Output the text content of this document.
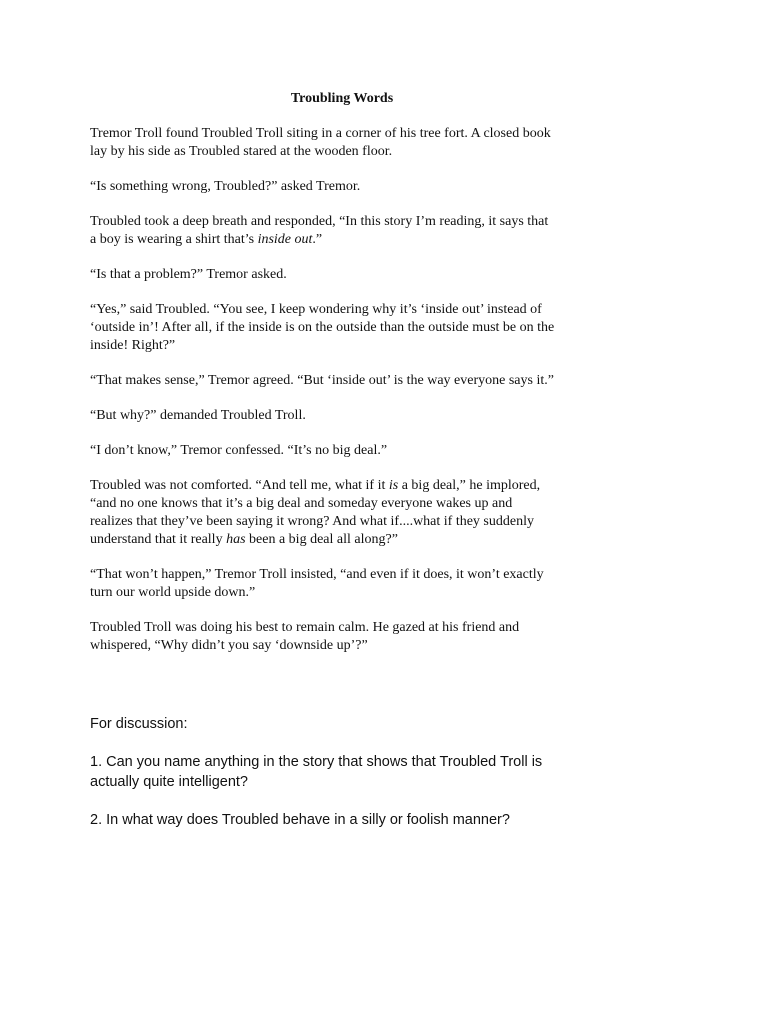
Troubling Words
Tremor Troll found Troubled Troll siting in a corner of his tree fort. A closed book
lay by his side as Troubled stared at the wooden floor.
“Is something wrong, Troubled?” asked Tremor.
Troubled took a deep breath and responded, “In this story I’m reading, it says that
a boy is wearing a shirt that’s inside out.”
“Is that a problem?” Tremor asked.
“Yes,” said Troubled. “You see, I keep wondering why it’s ‘inside out’ instead of
‘outside in’! After all, if the inside is on the outside than the outside must be on the
inside! Right?”
“That makes sense,” Tremor agreed. “But ‘inside out’ is the way everyone says it.”
“But why?” demanded Troubled Troll.
“I don’t know,” Tremor confessed. “It’s no big deal.”
Troubled was not comforted. “And tell me, what if it is a big deal,” he implored,
“and no one knows that it’s a big deal and someday everyone wakes up and
realizes that they’ve been saying it wrong? And what if....what if they suddenly
understand that it really has been a big deal all along?”
“That won’t happen,” Tremor Troll insisted, “and even if it does, it won’t exactly
turn our world upside down.”
Troubled Troll was doing his best to remain calm. He gazed at his friend and
whispered, “Why didn’t you say ‘downside up’?”
For discussion:
1. Can you name anything in the story that shows that Troubled Troll is
actually quite intelligent?
2. In what way does Troubled behave in a silly or foolish manner?
